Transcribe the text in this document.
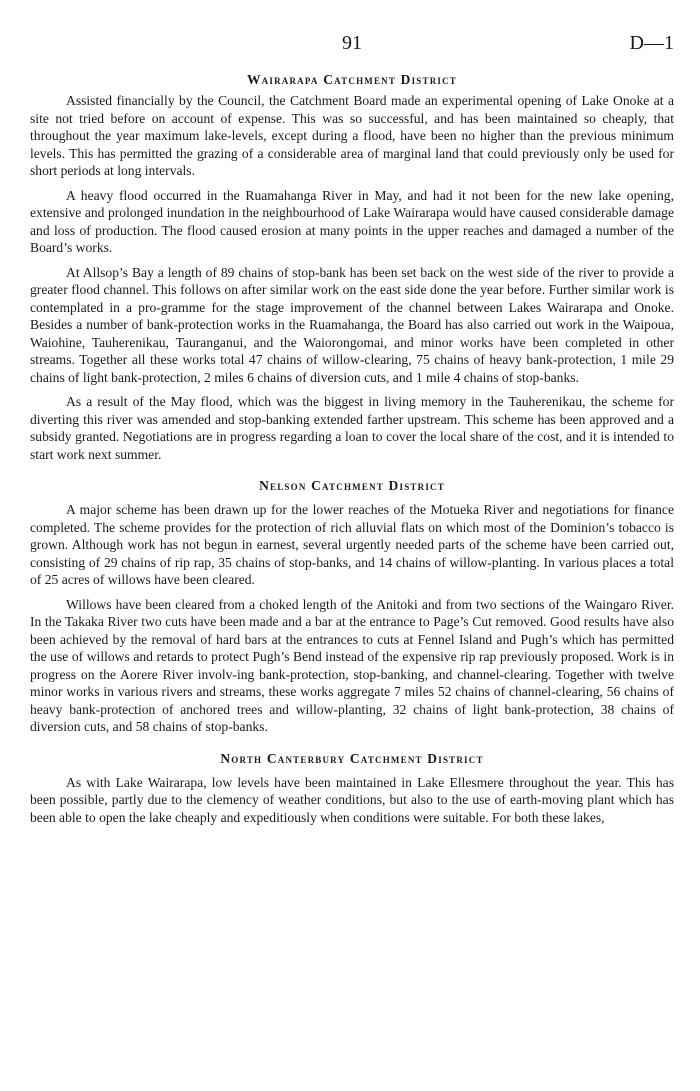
91	D—1
Wairarapa Catchment District

Assisted financially by the Council, the Catchment Board made an experimental opening of Lake Onoke at a site not tried before on account of expense. This was so successful, and has been maintained so cheaply, that throughout the year maximum lake-levels, except during a flood, have been no higher than the previous minimum levels. This has permitted the grazing of a considerable area of marginal land that could previously only be used for short periods at long intervals.

A heavy flood occurred in the Ruamahanga River in May, and had it not been for the new lake opening, extensive and prolonged inundation in the neighbourhood of Lake Wairarapa would have caused considerable damage and loss of production. The flood caused erosion at many points in the upper reaches and damaged a number of the Board’s works.

At Allsop’s Bay a length of 89 chains of stop-bank has been set back on the west side of the river to provide a greater flood channel. This follows on after similar work on the east side done the year before. Further similar work is contemplated in a pro-gramme for the stage improvement of the channel between Lakes Wairarapa and Onoke. Besides a number of bank-protection works in the Ruamahanga, the Board has also carried out work in the Waipoua, Waiohine, Tauherenikau, Tauranganui, and the Waiorongomai, and minor works have been completed in other streams. Together all these works total 47 chains of willow-clearing, 75 chains of heavy bank-protection, 1 mile 29 chains of light bank-protection, 2 miles 6 chains of diversion cuts, and 1 mile 4 chains of stop-banks.

As a result of the May flood, which was the biggest in living memory in the Tauherenikau, the scheme for diverting this river was amended and stop-banking extended farther upstream. This scheme has been approved and a subsidy granted. Negotiations are in progress regarding a loan to cover the local share of the cost, and it is intended to start work next summer.

Nelson Catchment District

A major scheme has been drawn up for the lower reaches of the Motueka River and negotiations for finance completed. The scheme provides for the protection of rich alluvial flats on which most of the Dominion’s tobacco is grown. Although work has not begun in earnest, several urgently needed parts of the scheme have been carried out, consisting of 29 chains of rip rap, 35 chains of stop-banks, and 14 chains of willow-planting. In various places a total of 25 acres of willows have been cleared.

Willows have been cleared from a choked length of the Anitoki and from two sections of the Waingaro River. In the Takaka River two cuts have been made and a bar at the entrance to Page’s Cut removed. Good results have also been achieved by the removal of hard bars at the entrances to cuts at Fennel Island and Pugh’s which has permitted the use of willows and retards to protect Pugh’s Bend instead of the expensive rip rap previously proposed. Work is in progress on the Aorere River involv-ing bank-protection, stop-banking, and channel-clearing. Together with twelve minor works in various rivers and streams, these works aggregate 7 miles 52 chains of channel-clearing, 56 chains of heavy bank-protection of anchored trees and willow-planting, 32 chains of light bank-protection, 38 chains of diversion cuts, and 58 chains of stop-banks.

North Canterbury Catchment District

As with Lake Wairarapa, low levels have been maintained in Lake Ellesmere throughout the year. This has been possible, partly due to the clemency of weather conditions, but also to the use of earth-moving plant which has been able to open the lake cheaply and expeditiously when conditions were suitable. For both these lakes,
